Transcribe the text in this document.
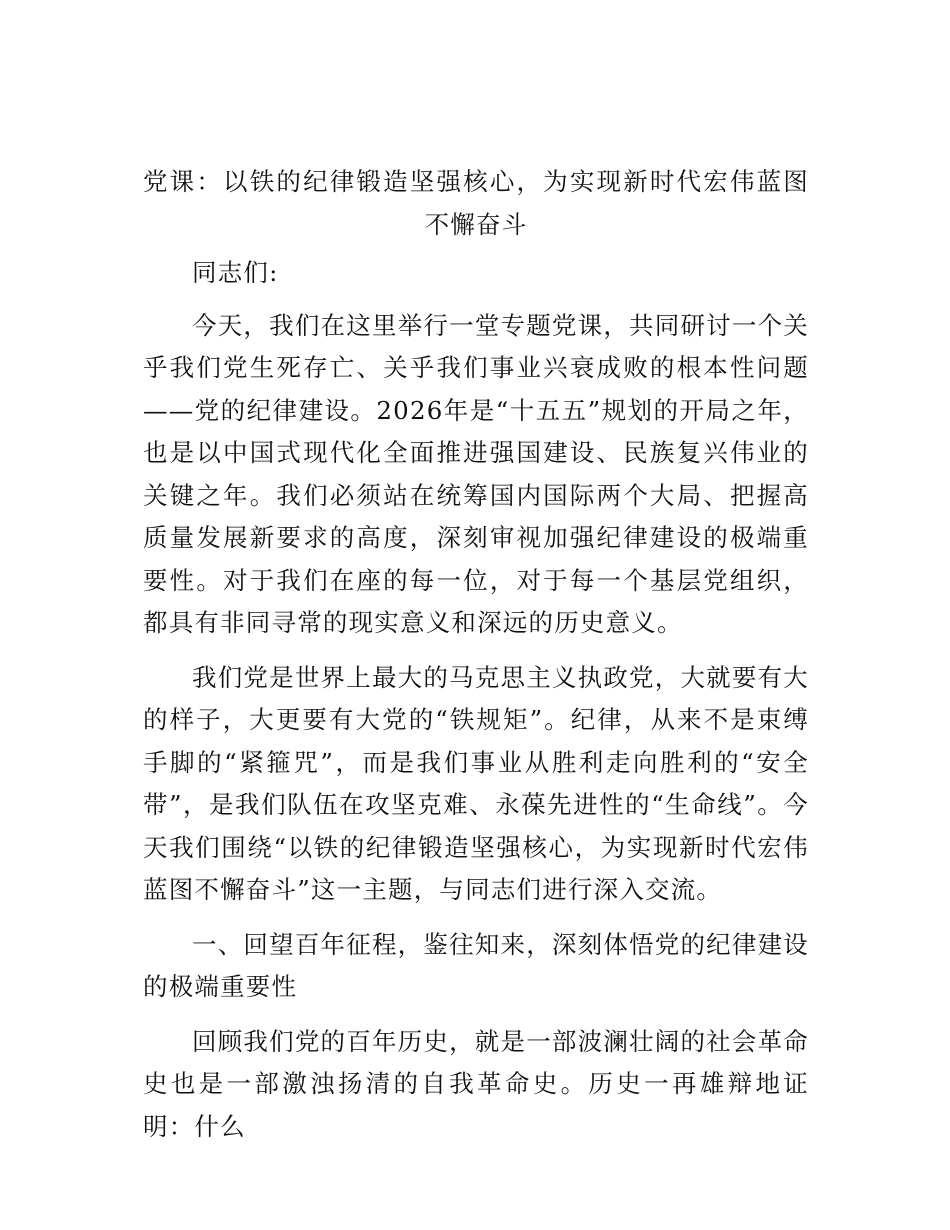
党课：以铁的纪律锻造坚强核心，为实现新时代宏伟蓝图不懈奋斗

同志们:

今天，我们在这里举行一堂专题党课，共同研讨一个关乎我们党生死存亡、关乎我们事业兴衰成败的根本性问题——党的纪律建设。2026年是“十五五”规划的开局之年，也是以中国式现代化全面推进强国建设、民族复兴伟业的关键之年。我们必须站在统筹国内国际两个大局、把握高质量发展新要求的高度，深刻审视加强纪律建设的极端重要性。对于我们在座的每一位，对于每一个基层党组织，都具有非同寻常的现实意义和深远的历史意义。

我们党是世界上最大的马克思主义执政党，大就要有大的样子，大更要有大党的“铁规矩”。纪律，从来不是束缚手脚的“紧箍咒”，而是我们事业从胜利走向胜利的“安全带”，是我们队伍在攻坚克难、永葆先进性的“生命线”。今天我们围绕“以铁的纪律锻造坚强核心，为实现新时代宏伟蓝图不懈奋斗”这一主题，与同志们进行深入交流。

一、回望百年征程，鉴往知来，深刻体悟党的纪律建设的极端重要性

回顾我们党的百年历史，就是一部波澜壮阔的社会革命史也是一部激浊扬清的自我革命史。历史一再雄辩地证明：什么
